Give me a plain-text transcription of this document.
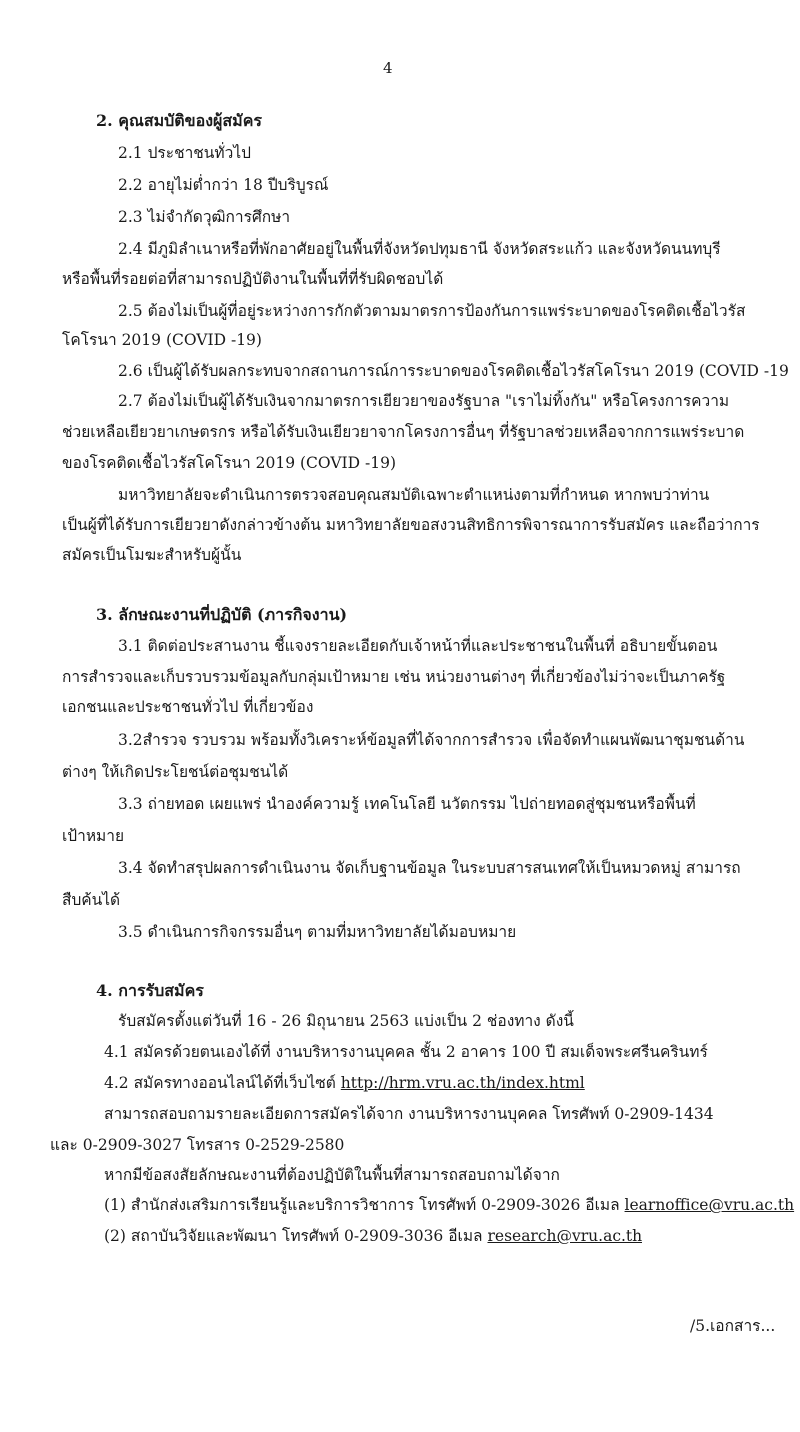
4
2. คุณสมบัติของผู้สมัคร
2.1 ประชาชนทั่วไป
2.2 อายุไม่ต่ำกว่า 18 ปีบริบูรณ์
2.3 ไม่จำกัดวุฒิการศึกษา
2.4 มีภูมิลำเนาหรือที่พักอาศัยอยู่ในพื้นที่จังหวัดปทุมธานี จังหวัดสระแก้ว และจังหวัดนนทบุรี
หรือพื้นที่รอยต่อที่สามารถปฏิบัติงานในพื้นที่ที่รับผิดชอบได้
2.5 ต้องไม่เป็นผู้ที่อยู่ระหว่างการกักตัวตามมาตรการป้องกันการแพร่ระบาดของโรคติดเชื้อไวรัส
โคโรนา 2019 (COVID -19)
2.6 เป็นผู้ได้รับผลกระทบจากสถานการณ์การระบาดของโรคติดเชื้อไวรัสโคโรนา 2019 (COVID -19
2.7 ต้องไม่เป็นผู้ได้รับเงินจากมาตรการเยียวยาของรัฐบาล "เราไม่ทิ้งกัน" หรือโครงการความ
ช่วยเหลือเยียวยาเกษตรกร หรือได้รับเงินเยียวยาจากโครงการอื่นๆ ที่รัฐบาลช่วยเหลือจากการแพร่ระบาด
ของโรคติดเชื้อไวรัสโคโรนา 2019 (COVID -19)
มหาวิทยาลัยจะดำเนินการตรวจสอบคุณสมบัติเฉพาะตำแหน่งตามที่กำหนด หากพบว่าท่าน
เป็นผู้ที่ได้รับการเยียวยาดังกล่าวข้างต้น มหาวิทยาลัยขอสงวนสิทธิการพิจารณาการรับสมัคร และถือว่าการ
สมัครเป็นโมฆะสำหรับผู้นั้น
3. ลักษณะงานที่ปฏิบัติ (ภารกิจงาน)
3.1 ติดต่อประสานงาน ชี้แจงรายละเอียดกับเจ้าหน้าที่และประชาชนในพื้นที่ อธิบายขั้นตอน
การสำรวจและเก็บรวบรวมข้อมูลกับกลุ่มเป้าหมาย เช่น หน่วยงานต่างๆ ที่เกี่ยวข้องไม่ว่าจะเป็นภาครัฐ
เอกชนและประชาชนทั่วไป ที่เกี่ยวข้อง
3.2สำรวจ รวบรวม พร้อมทั้งวิเคราะห์ข้อมูลที่ได้จากการสำรวจ เพื่อจัดทำแผนพัฒนาชุมชนด้าน
ต่างๆ ให้เกิดประโยชน์ต่อชุมชนได้
3.3 ถ่ายทอด เผยแพร่ นำองค์ความรู้ เทคโนโลยี นวัตกรรม ไปถ่ายทอดสู่ชุมชนหรือพื้นที่
เป้าหมาย
3.4 จัดทำสรุปผลการดำเนินงาน จัดเก็บฐานข้อมูล ในระบบสารสนเทศให้เป็นหมวดหมู่ สามารถ
สืบค้นได้
3.5 ดำเนินการกิจกรรมอื่นๆ ตามที่มหาวิทยาลัยได้มอบหมาย
4. การรับสมัคร
รับสมัครตั้งแต่วันที่ 16 - 26 มิถุนายน 2563 แบ่งเป็น 2 ช่องทาง ดังนี้
4.1 สมัครด้วยตนเองได้ที่ งานบริหารงานบุคคล ชั้น 2 อาคาร 100 ปี สมเด็จพระศรีนครินทร์
4.2 สมัครทางออนไลน์ได้ที่เว็บไซต์ http://hrm.vru.ac.th/index.html
สามารถสอบถามรายละเอียดการสมัครได้จาก งานบริหารงานบุคคล โทรศัพท์ 0-2909-1434
และ 0-2909-3027 โทรสาร 0-2529-2580
หากมีข้อสงสัยลักษณะงานที่ต้องปฏิบัติในพื้นที่สามารถสอบถามได้จาก
(1) สำนักส่งเสริมการเรียนรู้และบริการวิชาการ โทรศัพท์ 0-2909-3026 อีเมล learnoffice@vru.ac.th
(2) สถาบันวิจัยและพัฒนา โทรศัพท์ 0-2909-3036 อีเมล research@vru.ac.th
/5.เอกสาร...
